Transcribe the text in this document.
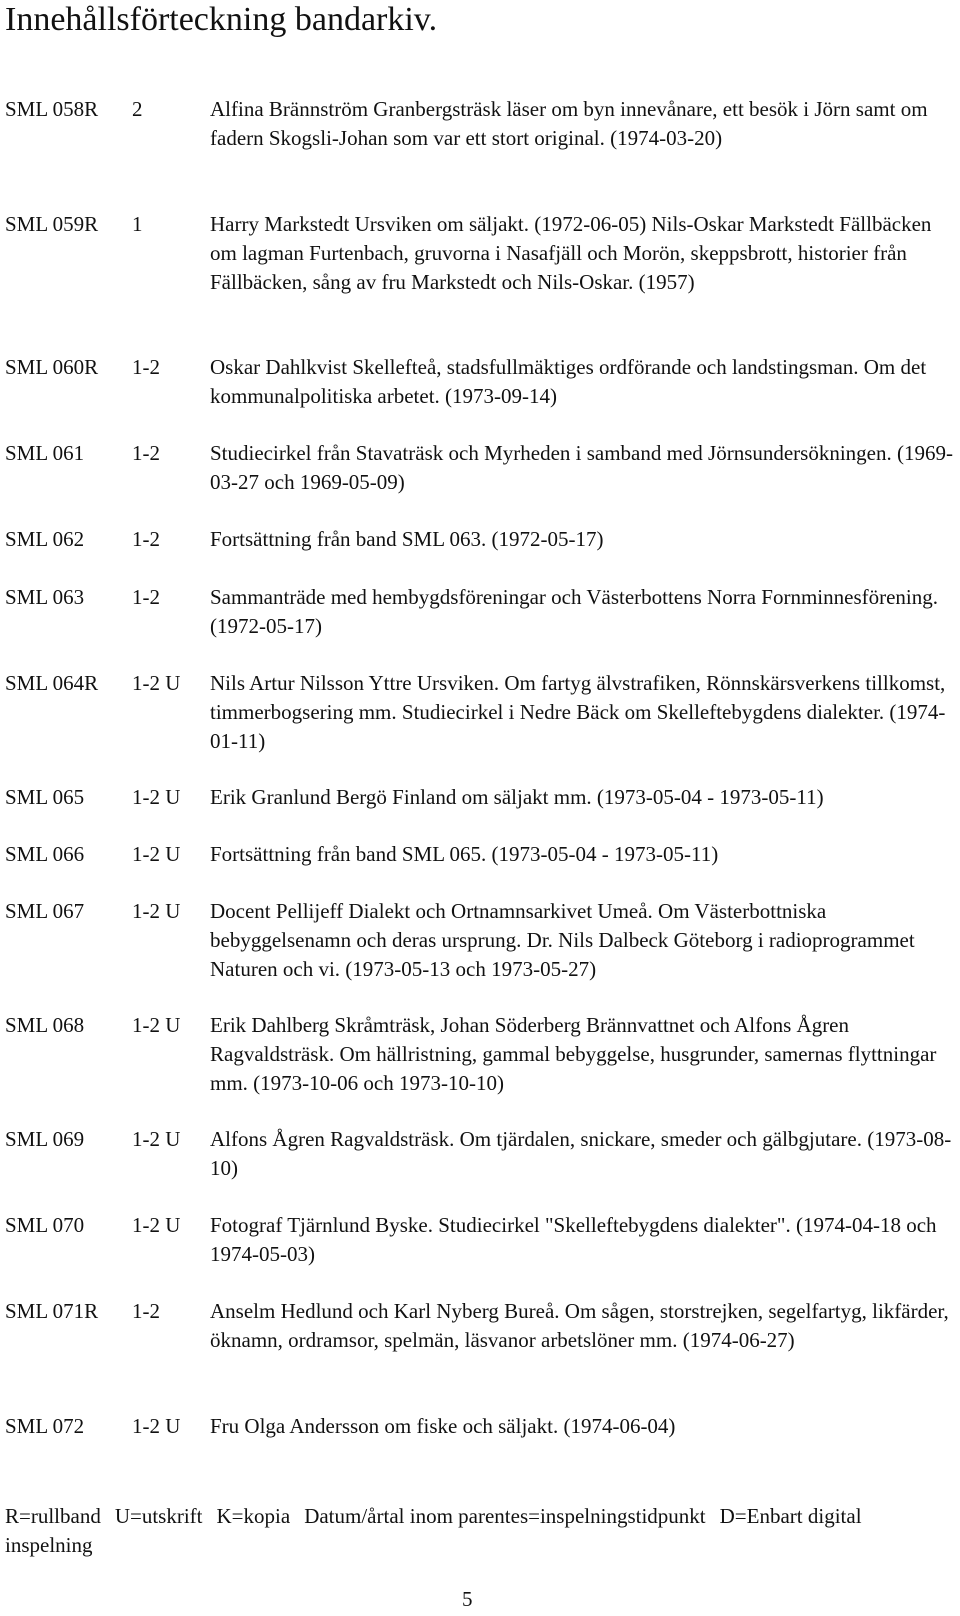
Innehållsförteckning bandarkiv.
SML 058R 2	Alfina Brännström Granbergsträsk läser om byn innevånare, ett besök i Jörn samt om fadern Skogsli-Johan som var ett stort original. (1974-03-20)
SML 059R 1	Harry Markstedt Ursviken om säljakt. (1972-06-05) Nils-Oskar Markstedt Fällbäcken om lagman Furtenbach, gruvorna i Nasafjäll och Morön, skeppsbrott, historier från Fällbäcken, sång av fru Markstedt och Nils-Oskar. (1957)
SML 060R 1-2 Oskar Dahlkvist Skellefteå, stadsfullmäktiges ordförande och landstingsman. Om det kommunalpolitiska arbetet. (1973-09-14)
SML 061 1-2 Studiecirkel från Stavaträsk och Myrheden i samband med Jörnsundersökningen. (1969-03-27 och 1969-05-09)
SML 062 1-2 Fortsättning från band SML 063. (1972-05-17)
SML 063 1-2 Sammanträde med hembygdsföreningar och Västerbottens Norra Fornminnesförening. (1972-05-17)
SML 064R 1-2 U Nils Artur Nilsson Yttre Ursviken. Om fartyg älvstrafiken, Rönnskärsverkens tillkomst, timmerbogsering mm. Studiecirkel i Nedre Bäck om Skelleftebygdens dialekter. (1974-01-11)
SML 065 1-2 U Erik Granlund Bergö Finland om säljakt mm. (1973-05-04 - 1973-05-11)
SML 066 1-2 U Fortsättning från band SML 065. (1973-05-04 - 1973-05-11)
SML 067 1-2 U Docent Pellijeff Dialekt och Ortnamnsarkivet Umeå. Om Västerbottniska bebyggelsenamn och deras ursprung. Dr. Nils Dalbeck Göteborg i radioprogrammet Naturen och vi. (1973-05-13 och 1973-05-27)
SML 068 1-2 U Erik Dahlberg Skråmträsk, Johan Söderberg Brännvattnet och Alfons Ågren Ragvaldsträsk. Om hällristning, gammal bebyggelse, husgrunder, samernas flyttningar mm. (1973-10-06 och 1973-10-10)
SML 069 1-2 U Alfons Ågren Ragvaldsträsk. Om tjärdalen, snickare, smeder och gälbgjutare. (1973-08-10)
SML 070 1-2 U Fotograf Tjärnlund Byske. Studiecirkel "Skelleftebygdens dialekter". (1974-04-18 och 1974-05-03)
SML 071R 1-2 Anselm Hedlund och Karl Nyberg Bureå. Om sågen, storstrejken, segelfartyg, likfärder, öknamn, ordramsor, spelmän, läsvanor arbetslöner mm. (1974-06-27)
SML 072 1-2 U Fru Olga Andersson om fiske och säljakt. (1974-06-04)
R=rullband U=utskrift K=kopia Datum/årtal inom parentes=inspelningstidpunkt D=Enbart digital inspelning
5
